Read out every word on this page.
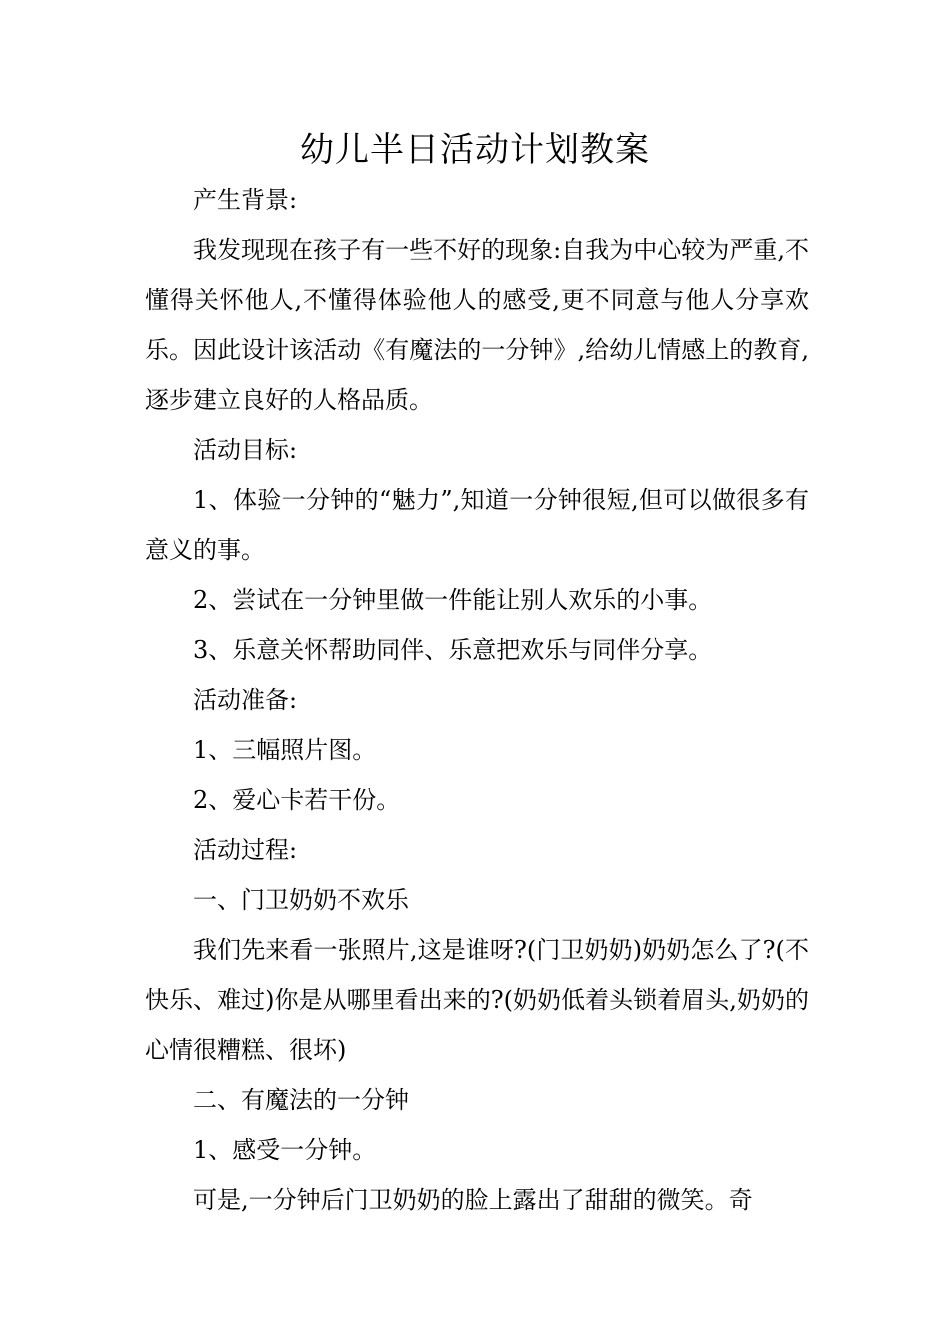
幼儿半日活动计划教案

产生背景:

我发现现在孩子有一些不好的现象:自我为中心较为严重,不懂得关怀他人,不懂得体验他人的感受,更不同意与他人分享欢乐。因此设计该活动《有魔法的一分钟》,给幼儿情感上的教育,逐步建立良好的人格品质。

活动目标:

1、体验一分钟的“魅力”,知道一分钟很短,但可以做很多有意义的事。

2、尝试在一分钟里做一件能让别人欢乐的小事。

3、乐意关怀帮助同伴、乐意把欢乐与同伴分享。

活动准备:

1、三幅照片图。

2、爱心卡若干份。

活动过程:

一、门卫奶奶不欢乐

我们先来看一张照片,这是谁呀?(门卫奶奶)奶奶怎么了?(不快乐、难过)你是从哪里看出来的?(奶奶低着头锁着眉头,奶奶的心情很糟糕、很坏)

二、有魔法的一分钟

1、感受一分钟。

可是,一分钟后门卫奶奶的脸上露出了甜甜的微笑。奇
